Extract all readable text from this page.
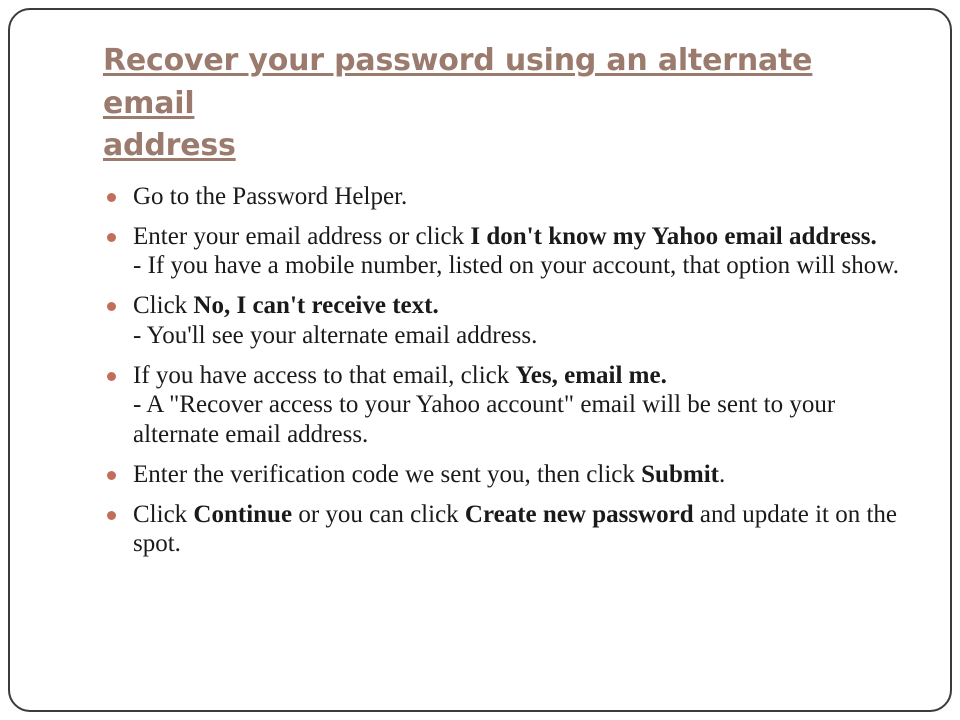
Recover your password using an alternate email
address
Go to the Password Helper.
Enter your email address or click I don't know my Yahoo email address.
- If you have a mobile number, listed on your account, that option will show.
Click No, I can't receive text.
- You'll see your alternate email address.
If you have access to that email, click Yes, email me.
- A "Recover access to your Yahoo account" email will be sent to your alternate email address.
Enter the verification code we sent you, then click Submit.
Click Continue or you can click Create new password and update it on the spot.
